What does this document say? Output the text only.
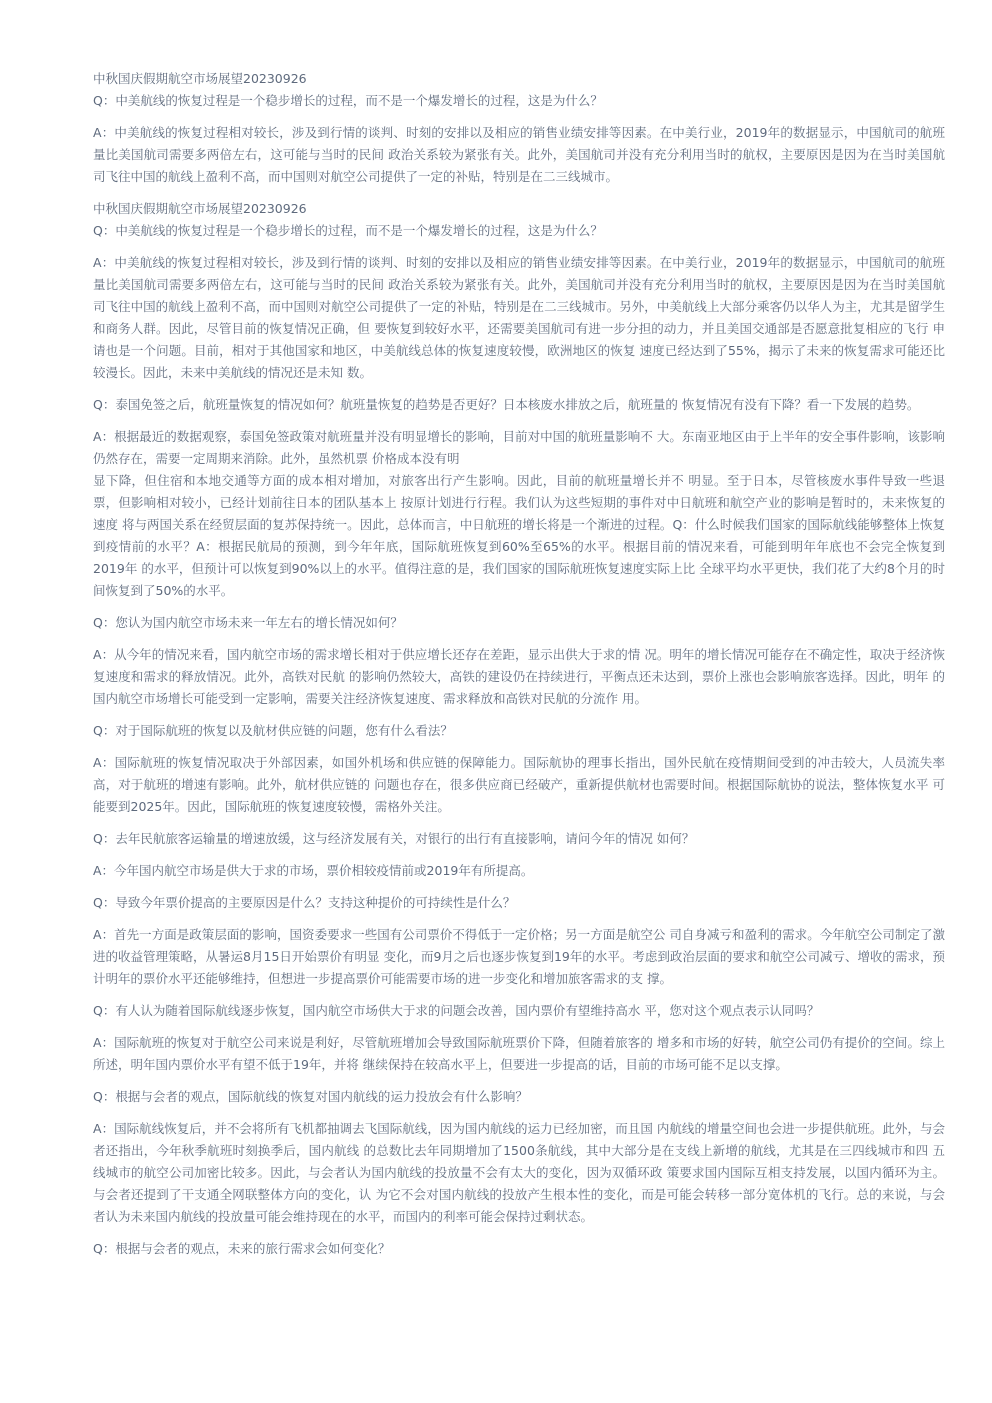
中秋国庆假期航空市场展望20230926

Q：中美航线的恢复过程是一个稳步增长的过程，而不是一个爆发增长的过程，这是为什么？

A：中美航线的恢复过程相对较长，涉及到行情的谈判、时刻的安排以及相应的销售业绩安排等因素。在中美行业，2019年的数据显示，中国航司的航班量比美国航司需要多两倍左右，这可能与当时的民间 政治关系较为紧张有关。此外，美国航司并没有充分利用当时的航权，主要原因是因为在当时美国航 司飞往中国的航线上盈利不高，而中国则对航空公司提供了一定的补贴，特别是在二三线城市。

中秋国庆假期航空市场展望20230926

Q：中美航线的恢复过程是一个稳步增长的过程，而不是一个爆发增长的过程，这是为什么？

A：中美航线的恢复过程相对较长，涉及到行情的谈判、时刻的安排以及相应的销售业绩安排等因素。在中美行业，2019年的数据显示，中国航司的航班量比美国航司需要多两倍左右，这可能与当时的民间 政治关系较为紧张有关。此外，美国航司并没有充分利用当时的航权，主要原因是因为在当时美国航 司飞往中国的航线上盈利不高，而中国则对航空公司提供了一定的补贴，特别是在二三线城市。另外，中美航线上大部分乘客仍以华人为主，尤其是留学生和商务人群。因此，尽管目前的恢复情况正确，但 要恢复到较好水平，还需要美国航司有进一步分担的动力，并且美国交通部是否愿意批复相应的飞行 申请也是一个问题。目前，相对于其他国家和地区，中美航线总体的恢复速度较慢，欧洲地区的恢复 速度已经达到了55%，揭示了未来的恢复需求可能还比较漫长。因此，未来中美航线的情况还是未知 数。

Q：泰国免签之后，航班量恢复的情况如何？航班量恢复的趋势是否更好？日本核废水排放之后，航班量的 恢复情况有没有下降？看一下发展的趋势。

A：根据最近的数据观察，泰国免签政策对航班量并没有明显增长的影响，目前对中国的航班量影响不 大。东南亚地区由于上半年的安全事件影响，该影响仍然存在，需要一定周期来消除。此外，虽然机票 价格成本没有明

显下降，但住宿和本地交通等方面的成本相对增加，对旅客出行产生影响。因此，目前的航班量增长并不 明显。至于日本，尽管核废水事件导致一些退票，但影响相对较小，已经计划前往日本的团队基本上 按原计划进行行程。我们认为这些短期的事件对中日航班和航空产业的影响是暂时的，未来恢复的速度 将与两国关系在经贸层面的复苏保持统一。因此，总体而言，中日航班的增长将是一个渐进的过程。Q：什么时候我们国家的国际航线能够整体上恢复到疫情前的水平？A：根据民航局的预测，到今年年底，国际航班恢复到60%至65%的水平。根据目前的情况来看，可能到明年年底也不会完全恢复到2019年 的水平，但预计可以恢复到90%以上的水平。值得注意的是，我们国家的国际航班恢复速度实际上比 全球平均水平更快，我们花了大约8个月的时间恢复到了50%的水平。

Q：您认为国内航空市场未来一年左右的增长情况如何？

A：从今年的情况来看，国内航空市场的需求增长相对于供应增长还存在差距，显示出供大于求的情 况。明年的增长情况可能存在不确定性，取决于经济恢复速度和需求的释放情况。此外，高铁对民航 的影响仍然较大，高铁的建设仍在持续进行，平衡点还未达到，票价上涨也会影响旅客选择。因此，明年 的国内航空市场增长可能受到一定影响，需要关注经济恢复速度、需求释放和高铁对民航的分流作 用。

Q：对于国际航班的恢复以及航材供应链的问题，您有什么看法？

A：国际航班的恢复情况取决于外部因素，如国外机场和供应链的保障能力。国际航协的理事长指出，国外民航在疫情期间受到的冲击较大，人员流失率高，对于航班的增速有影响。此外，航材供应链的 问题也存在，很多供应商已经破产，重新提供航材也需要时间。根据国际航协的说法，整体恢复水平 可能要到2025年。因此，国际航班的恢复速度较慢，需格外关注。

Q：去年民航旅客运输量的增速放缓，这与经济发展有关，对银行的出行有直接影响，请问今年的情况 如何？

A：今年国内航空市场是供大于求的市场，票价相较疫情前或2019年有所提高。

Q：导致今年票价提高的主要原因是什么？支持这种提价的可持续性是什么？

A：首先一方面是政策层面的影响，国资委要求一些国有公司票价不得低于一定价格；另一方面是航空公 司自身减亏和盈利的需求。今年航空公司制定了激进的收益管理策略，从暑运8月15日开始票价有明显 变化，而9月之后也逐步恢复到19年的水平。考虑到政治层面的要求和航空公司减亏、增收的需求，预 计明年的票价水平还能够维持，但想进一步提高票价可能需要市场的进一步变化和增加旅客需求的支 撑。

Q：有人认为随着国际航线逐步恢复，国内航空市场供大于求的问题会改善，国内票价有望维持高水 平，您对这个观点表示认同吗？

A：国际航班的恢复对于航空公司来说是利好，尽管航班增加会导致国际航班票价下降，但随着旅客的 增多和市场的好转，航空公司仍有提价的空间。综上所述，明年国内票价水平有望不低于19年，并将 继续保持在较高水平上，但要进一步提高的话，目前的市场可能不足以支撑。

Q：根据与会者的观点，国际航线的恢复对国内航线的运力投放会有什么影响？

A：国际航线恢复后，并不会将所有飞机都抽调去飞国际航线，因为国内航线的运力已经加密，而且国 内航线的增量空间也会进一步提供航班。此外，与会者还指出，今年秋季航班时刻换季后，国内航线 的总数比去年同期增加了1500条航线，其中大部分是在支线上新增的航线，尤其是在三四线城市和四 五线城市的航空公司加密比较多。因此，与会者认为国内航线的投放量不会有太大的变化，因为双循环政 策要求国内国际互相支持发展，以国内循环为主。与会者还提到了干支通全网联整体方向的变化，认 为它不会对国内航线的投放产生根本性的变化，而是可能会转移一部分宽体机的飞行。总的来说，与会 者认为未来国内航线的投放量可能会维持现在的水平，而国内的利率可能会保持过剩状态。

Q：根据与会者的观点，未来的旅行需求会如何变化？
